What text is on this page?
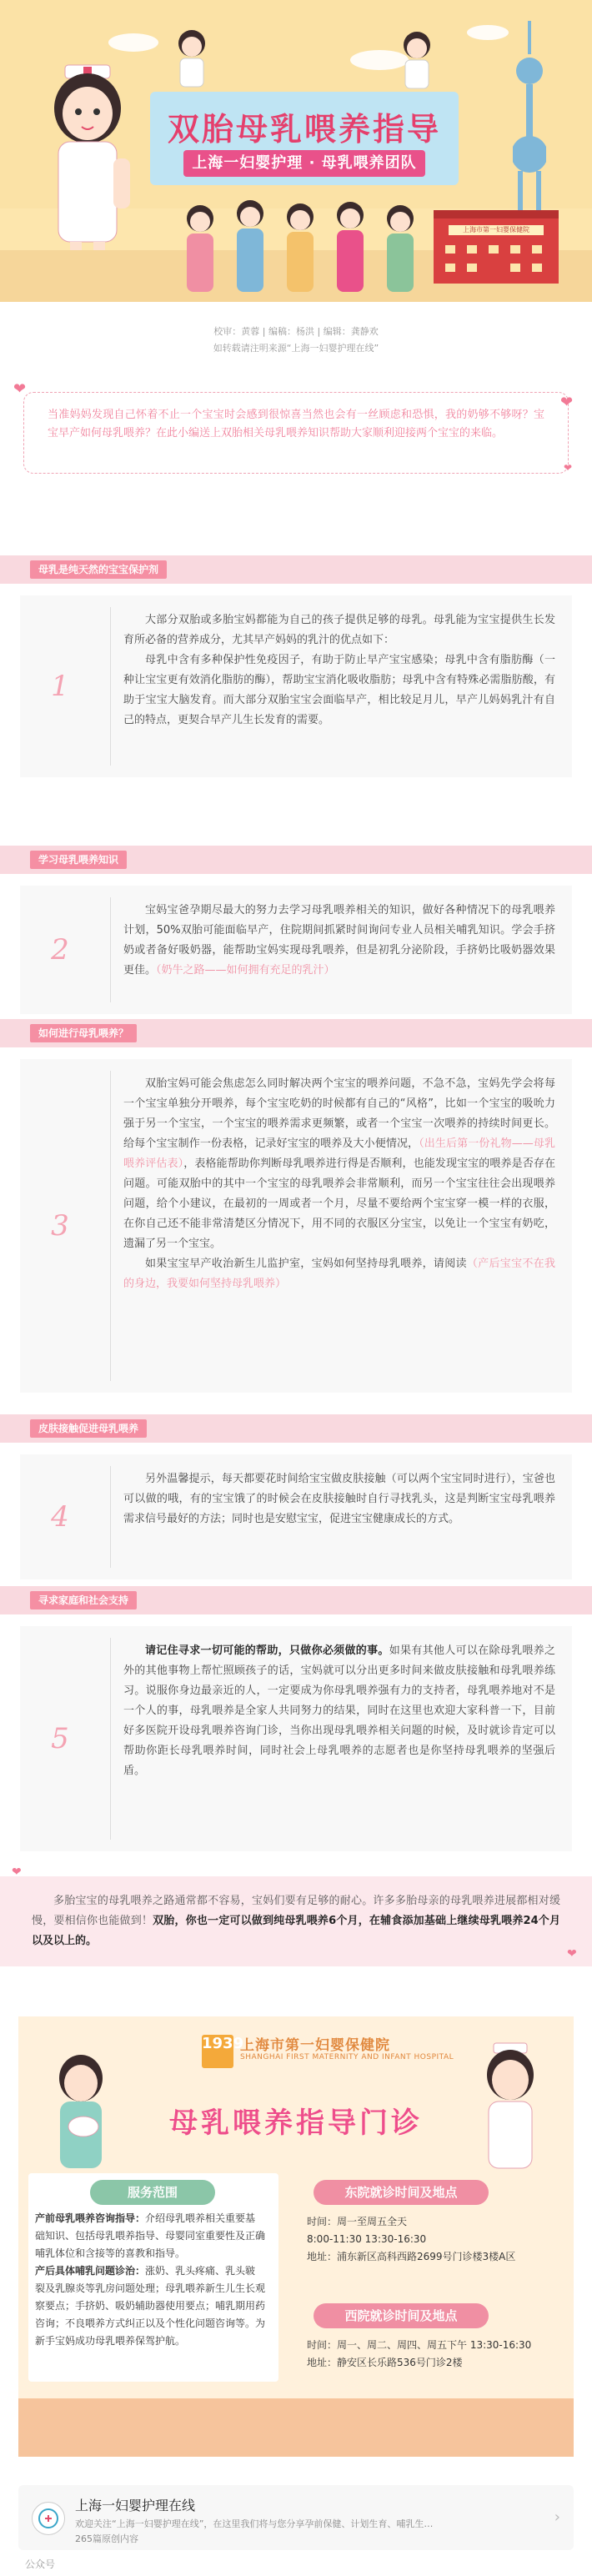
双胎母乳喂养指导
上海一妇婴护理 · 母乳喂养团队
上海市第一妇婴保健院
校审：黄蓉 | 编稿：杨洪 | 编辑：龚静欢
如转载请注明来源“上海一妇婴护理在线”

当准妈妈发现自己怀着不止一个宝宝时会感到很惊喜当然也会有一丝顾虑和恐惧，我的奶够不够呀？宝宝早产如何母乳喂养？在此小编送上双胎相关母乳喂养知识帮助大家顺利迎接两个宝宝的来临。

❤
❤
❤
母乳是纯天然的宝宝保护剂
1

大部分双胎或多胎宝妈都能为自己的孩子提供足够的母乳。母乳能为宝宝提供生长发育所必备的营养成分，尤其早产妈妈的乳汁的优点如下：

母乳中含有多种保护性免疫因子，有助于防止早产宝宝感染；母乳中含有脂肪酶（一种让宝宝更有效消化脂肪的酶），帮助宝宝消化吸收脂肪；母乳中含有特殊必需脂肪酸，有助于宝宝大脑发育。而大部分双胎宝宝会面临早产，相比较足月儿，早产儿妈妈乳汁有自己的特点，更契合早产儿生长发育的需要。

学习母乳喂养知识
2

宝妈宝爸孕期尽最大的努力去学习母乳喂养相关的知识，做好各种情况下的母乳喂养计划，50%双胎可能面临早产，住院期间抓紧时间询问专业人员相关哺乳知识。学会手挤奶或者备好吸奶器，能帮助宝妈实现母乳喂养，但是初乳分泌阶段，手挤奶比吸奶器效果更佳。（奶牛之路——如何拥有充足的乳汁）

如何进行母乳喂养？
3

双胎宝妈可能会焦虑怎么同时解决两个宝宝的喂养问题，不急不急，宝妈先学会将每一个宝宝单独分开喂养，每个宝宝吃奶的时候都有自己的“风格”，比如一个宝宝的吸吮力强于另一个宝宝，一个宝宝的喂养需求更频繁，或者一个宝宝一次喂养的持续时间更长。给每个宝宝制作一份表格，记录好宝宝的喂养及大小便情况，（出生后第一份礼物——母乳喂养评估表），表格能帮助你判断母乳喂养进行得是否顺利，也能发现宝宝的喂养是否存在问题。可能双胎中的其中一个宝宝的母乳喂养会非常顺利，而另一个宝宝往往会出现喂养问题，给个小建议，在最初的一周或者一个月，尽量不要给两个宝宝穿一模一样的衣服，在你自己还不能非常清楚区分情况下，用不同的衣服区分宝宝，以免让一个宝宝有奶吃，遗漏了另一个宝宝。

如果宝宝早产收治新生儿监护室，宝妈如何坚持母乳喂养，请阅读（产后宝宝不在我的身边，我要如何坚持母乳喂养）

皮肤接触促进母乳喂养
4

另外温馨提示，每天都要花时间给宝宝做皮肤接触（可以两个宝宝同时进行），宝爸也可以做的哦，有的宝宝饿了的时候会在皮肤接触时自行寻找乳头，这是判断宝宝母乳喂养需求信号最好的方法；同时也是安慰宝宝，促进宝宝健康成长的方式。

寻求家庭和社会支持
5

请记住寻求一切可能的帮助，只做你必须做的事。如果有其他人可以在除母乳喂养之外的其他事物上帮忙照顾孩子的话，宝妈就可以分出更多时间来做皮肤接触和母乳喂养练习。说服你身边最亲近的人，一定要成为你母乳喂养强有力的支持者，母乳喂养地对不是一个人的事，母乳喂养是全家人共同努力的结果，同时在这里也欢迎大家科普一下，目前好多医院开设母乳喂养咨询门诊，当你出现母乳喂养相关问题的时候，及时就诊肯定可以帮助你距长母乳喂养时间，同时社会上母乳喂养的志愿者也是你坚持母乳喂养的坚强后盾。

多胎宝宝的母乳喂养之路通常都不容易，宝妈们要有足够的耐心。许多多胎母亲的母乳喂养进展都相对缓慢，要相信你也能做到！双胎，你也一定可以做到纯母乳喂养6个月，在辅食添加基础上继续母乳喂养24个月以及以上的。

❤
❤
1939
上海市第一妇婴保健院
SHANGHAI FIRST MATERNITY AND INFANT HOSPITAL
母乳喂养指导门诊
服务范围
产前母乳喂养咨询指导：介绍母乳喂养相关重要基础知识、包括母乳喂养指导、母婴同室重要性及正确哺乳体位和含接等的喜教和指导。
产后具体哺乳问题诊治：涨奶、乳头疼痛、乳头皲裂及乳腺炎等乳房问题处理；母乳喂养新生儿生长观察要点；手挤奶、吸奶辅助器使用要点；哺乳期用药咨询；不良喂养方式纠正以及个性化问题咨询等。为新手宝妈成功母乳喂养保驾护航。
东院就诊时间及地点
时间：周一至周五全天
8:00-11:30 13:30-16:30
地址：浦东新区高科西路2699号门诊楼3楼A区
西院就诊时间及地点
时间：周一、周二、周四、周五下午 13:30-16:30
地址：静安区长乐路536号门诊2楼
上海一妇婴护理在线
欢迎关注“上海一妇婴护理在线”，在这里我们将与您分享孕前保健、计划生育、哺乳生…
265篇原创内容
›
公众号
